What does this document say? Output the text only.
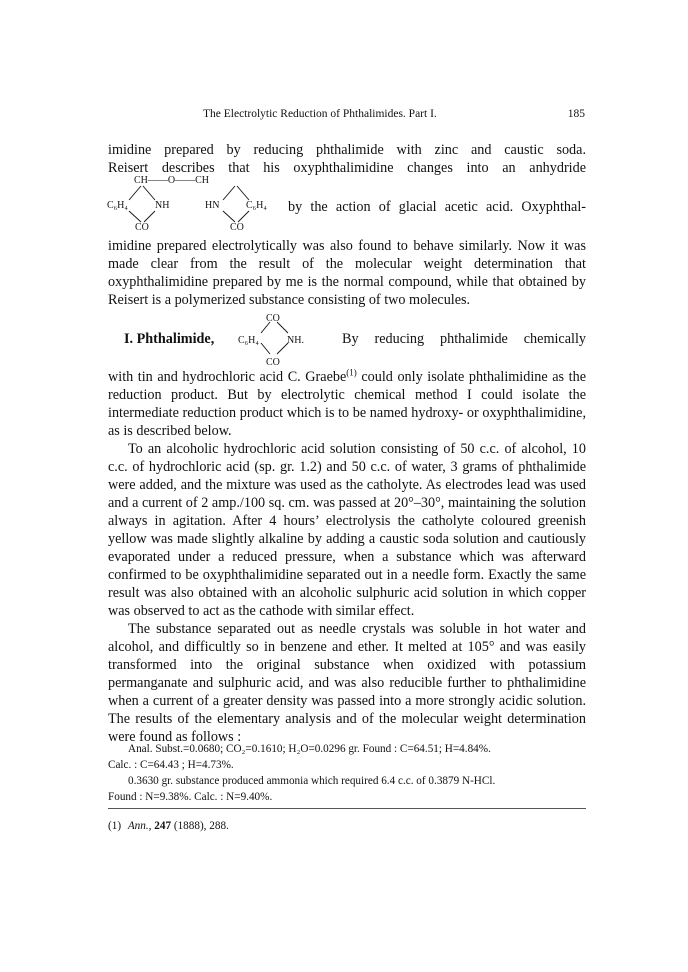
The Electrolytic Reduction of Phthalimides. Part I.	185

imidine prepared by reducing phthalimide with zinc and caustic soda.

Reisert describes that his oxyphthalimidine changes into an anhydride

CH——O——CH
C₆H₄	NH	HN	C₆H₄
CO	CO

by the action of glacial acetic acid. Oxyphthal-

imidine prepared electrolytically was also found to behave similarly. Now it was made clear from the result of the molecular weight determination that oxyphthalimidine prepared by me is the normal compound, while that obtained by Reisert is a polymerized substance consisting of two molecules.

I. Phthalimide,
CO
C₆H₄	NH.
CO
By reducing phthalimide chemically

with tin and hydrochloric acid C. Graebe$^{(1)}$ could only isolate phthalimidine as the reduction product. But by electrolytic chemical method I could isolate the intermediate reduction product which is to be named hydroxy- or oxyphthalimidine, as is described below.

To an alcoholic hydrochloric acid solution consisting of 50 c.c. of alcohol, 10 c.c. of hydrochloric acid (sp. gr. 1.2) and 50 c.c. of water, 3 grams of phthalimide were added, and the mixture was used as the catholyte. As electrodes lead was used and a current of 2 amp./100 sq. cm. was passed at 20°–30°, maintaining the solution always in agitation. After 4 hours’ electrolysis the catholyte coloured greenish yellow was made slightly alkaline by adding a caustic soda solution and cautiously evaporated under a reduced pressure, when a substance which was afterward confirmed to be oxyphthalimidine separated out in a needle form. Exactly the same result was also obtained with an alcoholic sulphuric acid solution in which copper was observed to act as the cathode with similar effect.

The substance separated out as needle crystals was soluble in hot water and alcohol, and difficultly so in benzene and ether. It melted at 105° and was easily transformed into the original substance when oxidized with potassium permanganate and sulphuric acid, and was also reducible further to phthalimidine when a current of a greater density was passed into a more strongly acidic solution. The results of the elementary analysis and of the molecular weight determination were found as follows :

Anal. Subst.=0.0680; CO₂=0.1610; H₂O=0.0296 gr. Found : C=64.51; H=4.84%.

Calc. : C=64.43 ; H=4.73%.

0.3630 gr. substance produced ammonia which required 6.4 c.c. of 0.3879 N-HCl.

Found : N=9.38%. Calc. : N=9.40%.

(1) Ann., 247 (1888), 288.
